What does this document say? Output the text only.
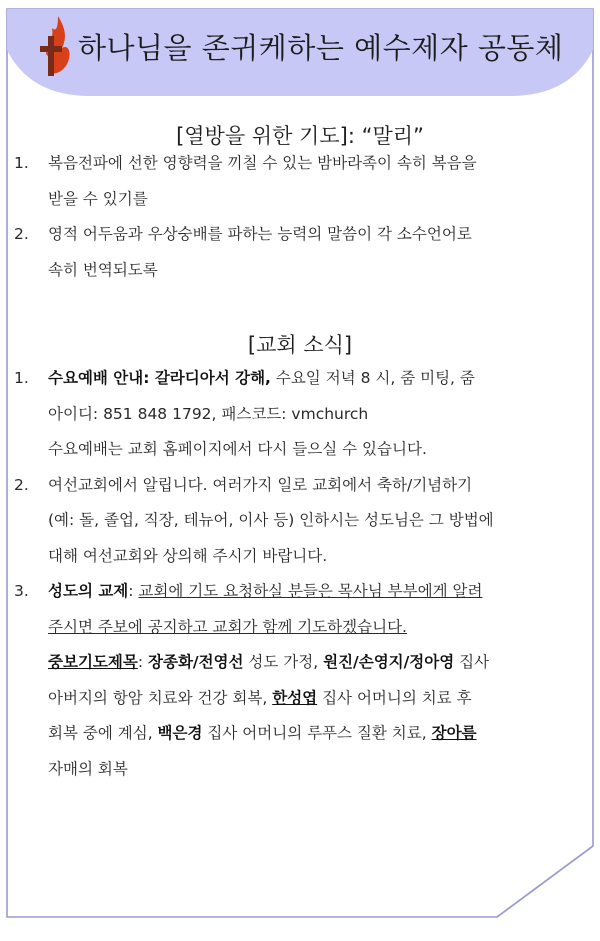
하나님을 존귀케하는 예수제자 공동체
[열방을 위한 기도]: “말리”
1. 복음전파에 선한 영향력을 끼칠 수 있는 밤바라족이 속히 복음을
받을 수 있기를
2. 영적 어두움과 우상숭배를 파하는 능력의 말씀이 각 소수언어로
속히 번역되도록
[교회 소식]
1. 수요예배 안내: 갈라디아서 강해, 수요일 저녁 8 시, 줌 미팅, 줌
아이디: 851 848 1792, 패스코드: vmchurch
수요예배는 교회 홈페이지에서 다시 들으실 수 있습니다.
2. 여선교회에서 알립니다. 여러가지 일로 교회에서 축하/기념하기
(예: 돌, 졸업, 직장, 테뉴어, 이사 등) 인하시는 성도님은 그 방법에
대해 여선교회와 상의해 주시기 바랍니다.
3. 성도의 교제: 교회에 기도 요청하실 분들은 목사님 부부에게 알려
주시면 주보에 공지하고 교회가 함께 기도하겠습니다.
중보기도제목: 장종화/전영선 성도 가정, 원진/손영지/정아영 집사
아버지의 항암 치료와 건강 회복, 한성엽 집사 어머니의 치료 후
회복 중에 계심, 백은경 집사 어머니의 루푸스 질환 치료, 장아름
자매의 회복
